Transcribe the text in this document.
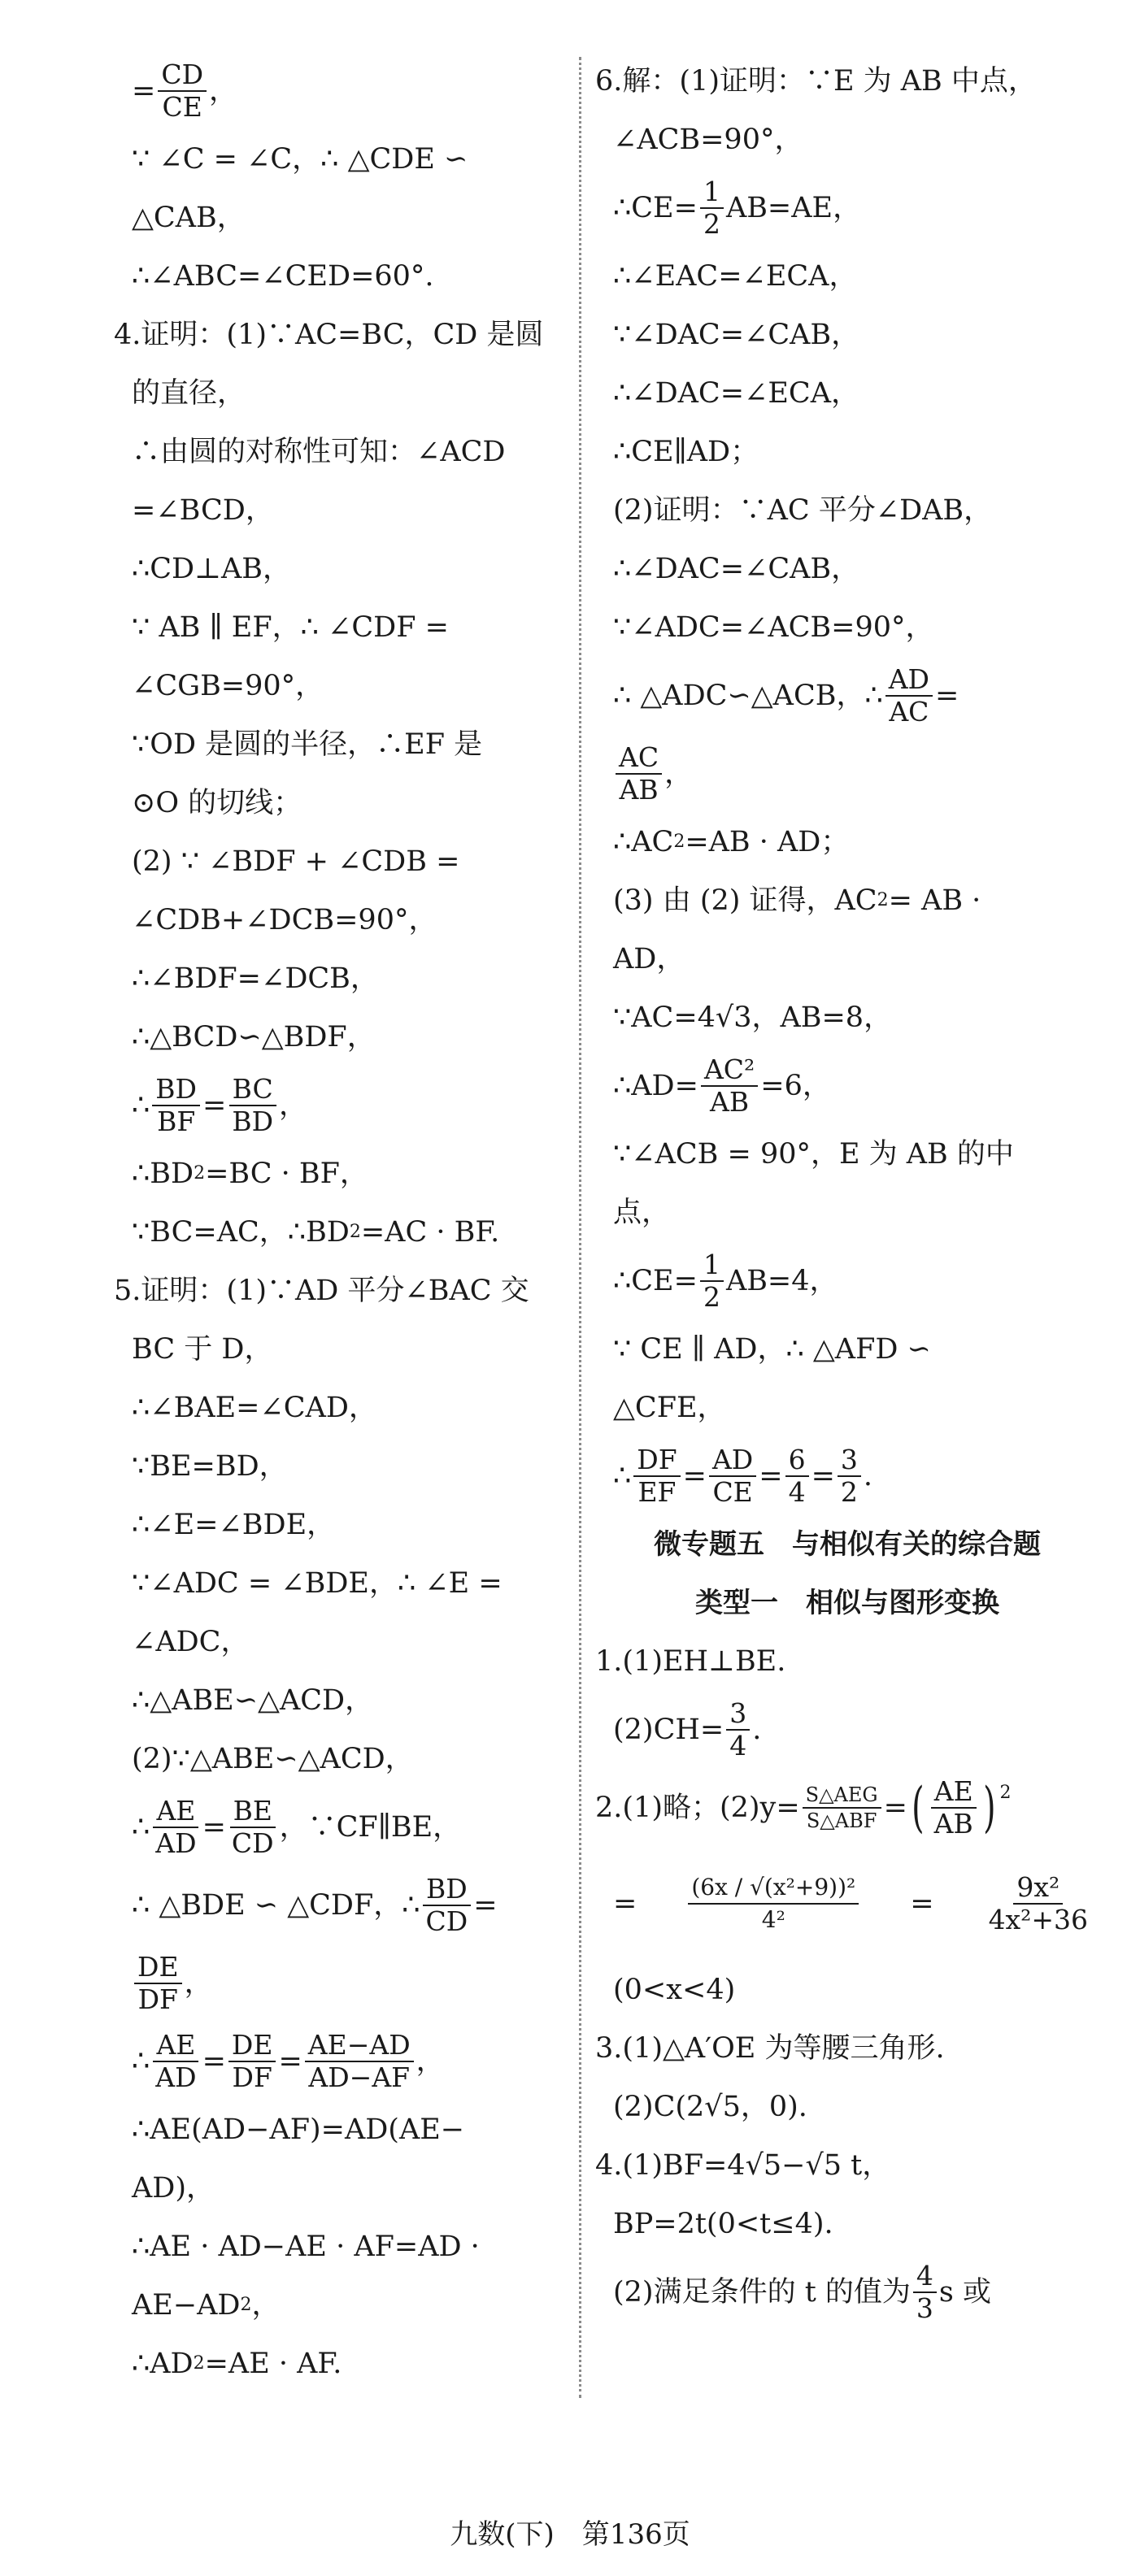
= $\frac{CD}{CE}$ ，
∵ ∠C = ∠C，∴ △CDE ∽
△CAB，
∴∠ABC=∠CED=60°.
4.证明：(1)∵AC=BC，CD 是圆
的直径，
∴由圆的对称性可知：∠ACD
=∠BCD，
∴CD⊥AB，
∵ AB ∥ EF，∴ ∠CDF =
∠CGB=90°，
∵OD 是圆的半径，∴EF 是
⊙O 的切线；
(2) ∵ ∠BDF + ∠CDB =
∠CDB+∠DCB=90°，
∴∠BDF=∠DCB，
∴△BCD∽△BDF，
∴ $\frac{BD}{BF} = \frac{BC}{BD}$ ，
∴BD 2 =BC · BF，
∵BC=AC，∴BD 2 =AC · BF.
5.证明：(1)∵AD 平分∠BAC 交
BC 于 D，
∴∠BAE=∠CAD，
∵BE=BD，
∴∠E=∠BDE，
∵∠ADC = ∠BDE，∴ ∠E =
∠ADC，
∴△ABE∽△ACD，
(2)∵△ABE∽△ACD，
∴ $\frac{AE}{AD} = \frac{BE}{CD}$ ，∵CF∥BE，
∴ △BDE ∽ △CDF，∴ $\frac{BD}{CD}$ =
$\frac{DE}{DF}$ ，
∴ $\frac{AE}{AD} = \frac{DE}{DF} = \frac{AE-AD}{AD-AF}$ ，
∴AE(AD−AF)=AD(AE−
AD)，
∴AE · AD−AE · AF=AD ·
AE−AD 2 ，
∴AD 2 =AE · AF.
6.解：(1)证明：∵E 为 AB 中点，
∠ACB=90°，
∴CE= $\frac{1}{2} AB=AE$，
∴∠EAC=∠ECA，
∵∠DAC=∠CAB，
∴∠DAC=∠ECA，
∴CE∥AD；
(2)证明：∵AC 平分∠DAB，
∴∠DAC=∠CAB，
∵∠ADC=∠ACB=90°，
∴ △ADC∽△ACB，∴ $\frac{AD}{AC}$ =
$\frac{AC}{AB}$ ，
∴AC 2 =AB · AD；
(3) 由 (2) 证得，AC 2 = AB ·
AD，
∵AC=4√3，AB=8，
∴AD= $\frac{\text{AC²}}{AB} =6$，
∵∠ACB = 90°，E 为 AB 的中
点，
∴CE= $\frac{1}{2} AB=4$，
∵ CE ∥ AD，∴ △AFD ∽
△CFE，
∴ $\frac{DF}{EF} = \frac{AD}{CE} = \frac{6}{4} = \frac{3}{2}$ .
微专题五　与相似有关的综合题
类型一　相似与图形变换
1.(1)EH⊥BE.
$(2)CH= \frac{3}{4}$ .
2.(1)略；$(2)y= \frac{\text{S△AEG}}{\text{S△ABF}}$ = ( $\frac{AE}{AB}$ ) 2
= $\frac{\text{(6x / √(x²+9))²}}{\text{4²}} = \frac{\text{9x²}}{\text{4x²+36}}$
(0<x<4)
3.(1)△A′OE 为等腰三角形.
(2)C(2√5，0).
4.(1)BF=4√5−√5 t，
BP=2t(0<t≤4).
(2)满足条件的 t 的值为 $\frac{4}{3}$ s 或
九数(下)　第136页
